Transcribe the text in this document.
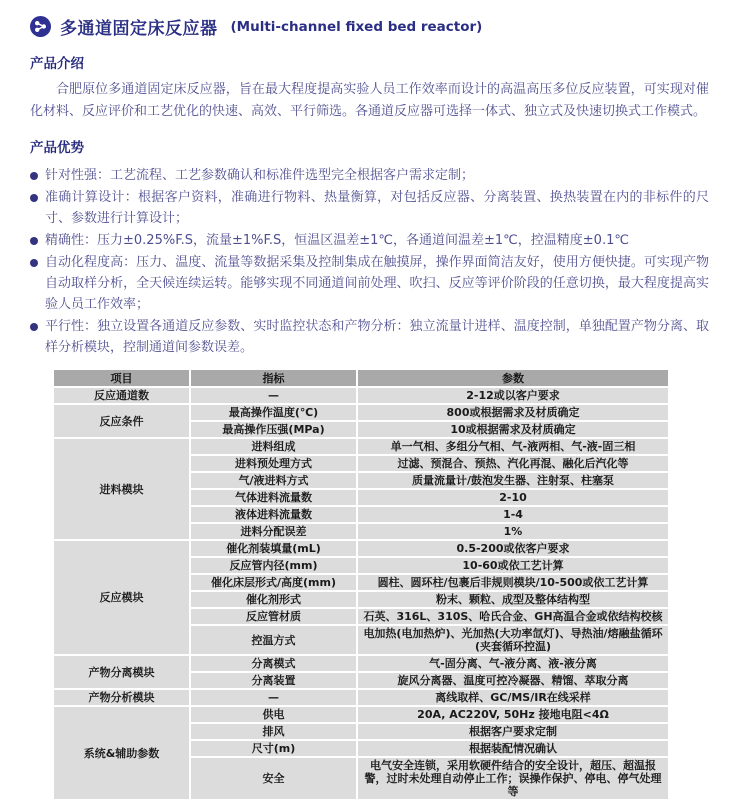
多通道固定床反应器 (Multi-channel fixed bed reactor)
产品介绍

合肥原位多通道固定床反应器，旨在最大程度提高实验人员工作效率而设计的高温高压多位反应装置，可实现对催化材料、反应评价和工艺优化的快速、高效、平行筛选。各通道反应器可选择一体式、独立式及快速切换式工作模式。

产品优势
针对性强：工艺流程、工艺参数确认和标准件选型完全根据客户需求定制；
准确计算设计：根据客户资料，准确进行物料、热量衡算，对包括反应器、分离装置、换热装置在内的非标件的尺寸、参数进行计算设计；
精确性：压力±0.25%F.S，流量±1%F.S，恒温区温差±1℃，各通道间温差±1℃，控温精度±0.1℃
自动化程度高：压力、温度、流量等数据采集及控制集成在触摸屏，操作界面简洁友好，使用方便快捷。可实现产物自动取样分析，全天候连续运转。能够实现不同通道间前处理、吹扫、反应等评价阶段的任意切换，最大程度提高实验人员工作效率；
平行性：独立设置各通道反应参数、实时监控状态和产物分析：独立流量计进样、温度控制，单独配置产物分离、取样分析模块，控制通道间参数误差。
项目	指标	参数
反应通道数	—	2-12或以客户要求
反应条件	最高操作温度(℃)	800或根据需求及材质确定
	最高操作压强(MPa)	10或根据需求及材质确定
进料模块	进料组成	单一气相、多组分气相、气-液两相、气-液-固三相
	进料预处理方式	过滤、预混合、预热、汽化再混、融化后汽化等
	气/液进料方式	质量流量计/鼓泡发生器、注射泵、柱塞泵
	气体进料流量数	2-10
	液体进料流量数	1-4
	进料分配误差	1%
反应模块	催化剂装填量(mL)	0.5-200或依客户要求
	反应管内径(mm)	10-60或依工艺计算
	催化床层形式/高度(mm)	圆柱、圆环柱/包裹后非规则模块/10-500或依工艺计算
	催化剂形式	粉末、颗粒、成型及整体结构型
	反应管材质	石英、316L、310S、哈氏合金、GH高温合金或依结构校核
	控温方式	电加热(电加热炉)、光加热(大功率氙灯)、导热油/熔融盐循环(夹套循环控温)
产物分离模块	分离模式	气-固分离、气-液分离、液-液分离
	分离装置	旋风分离器、温度可控冷凝器、精馏、萃取分离
产物分析模块	—	离线取样、GC/MS/IR在线采样
系统&辅助参数	供电	20A, AC220V, 50Hz 接地电阻<4Ω
	排风	根据客户要求定制
	尺寸(m)	根据装配情况确认
	安全	电气安全连锁，采用软硬件结合的安全设计，超压、超温报警，过时未处理自动停止工作；误操作保护、停电、停气处理等
